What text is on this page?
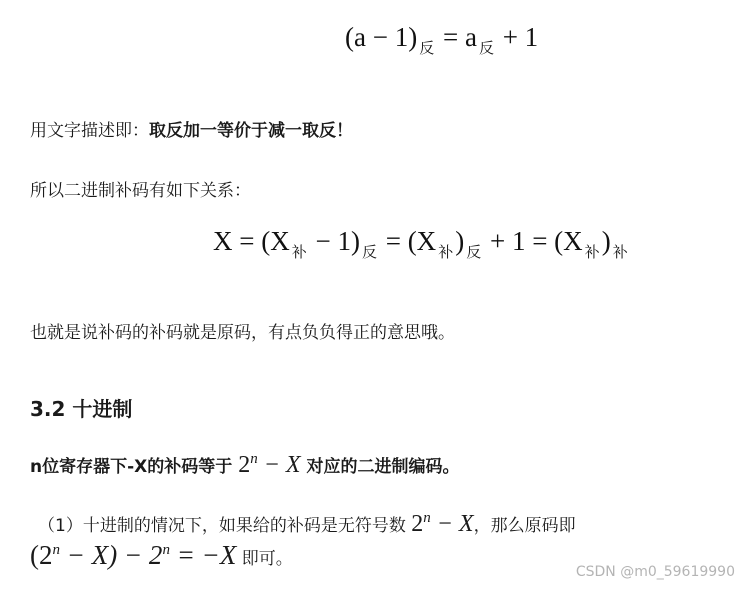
(a − 1) $_反$ = a $_反$ + 1
用文字描述即：取反加一等价于减一取反！
所以二进制补码有如下关系：
X = (X $_补$ − 1) $_反$ = (X $_补$) $_反$ + 1 = (X $_补$) $_补$
也就是说补码的补码就是原码，有点负负得正的意思哦。
3.2 十进制
n位寄存器下-X的补码等于 $2^n - X$ 对应的二进制编码。
（1）十进制的情况下，如果给的补码是无符号数 $2^n - X$，那么原码即
$(2^n - X) - 2^n = -X$ 即可。
CSDN @m0_59619990
